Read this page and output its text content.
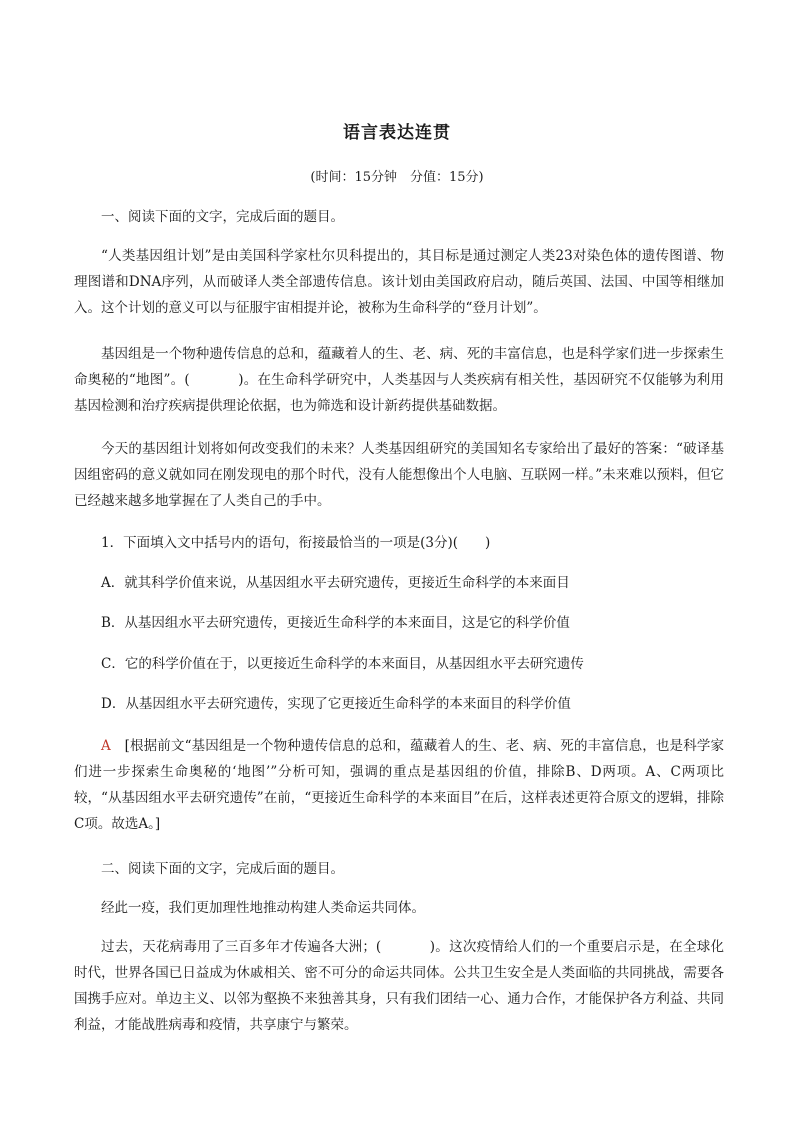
语言表达连贯
(时间：15分钟　分值：15分)
一、阅读下面的文字，完成后面的题目。
“人类基因组计划”是由美国科学家杜尔贝科提出的，其目标是通过测定人类23对染色体的遗传图谱、物理图谱和DNA序列，从而破译人类全部遗传信息。该计划由美国政府启动，随后英国、法国、中国等相继加入。这个计划的意义可以与征服宇宙相提并论，被称为生命科学的“登月计划”。
基因组是一个物种遗传信息的总和，蕴藏着人的生、老、病、死的丰富信息，也是科学家们进一步探索生命奥秘的“地图”。(	)。在生命科学研究中，人类基因与人类疾病有相关性，基因研究不仅能够为利用基因检测和治疗疾病提供理论依据，也为筛选和设计新药提供基础数据。
今天的基因组计划将如何改变我们的未来？人类基因组研究的美国知名专家给出了最好的答案：“破译基因组密码的意义就如同在刚发现电的那个时代，没有人能想像出个人电脑、互联网一样。”未来难以预料，但它已经越来越多地掌握在了人类自己的手中。
1．下面填入文中括号内的语句，衔接最恰当的一项是(3分)(　　)
A．就其科学价值来说，从基因组水平去研究遗传，更接近生命科学的本来面目
B．从基因组水平去研究遗传，更接近生命科学的本来面目，这是它的科学价值
C．它的科学价值在于，以更接近生命科学的本来面目，从基因组水平去研究遗传
D．从基因组水平去研究遗传，实现了它更接近生命科学的本来面目的科学价值
A　 [根据前文“基因组是一个物种遗传信息的总和，蕴藏着人的生、老、病、死的丰富信息，也是科学家们进一步探索生命奥秘的‘地图’”分析可知，强调的重点是基因组的价值，排除B、D两项。A、C两项比较，“从基因组水平去研究遗传”在前，“更接近生命科学的本来面目”在后，这样表述更符合原文的逻辑，排除C项。故选A。]
二、阅读下面的文字，完成后面的题目。
经此一疫，我们更加理性地推动构建人类命运共同体。
过去，天花病毒用了三百多年才传遍各大洲；(	)。这次疫情给人们的一个重要启示是，在全球化时代，世界各国已日益成为休戚相关、密不可分的命运共同体。公共卫生安全是人类面临的共同挑战，需要各国携手应对。单边主义、以邻为壑换不来独善其身，只有我们团结一心、通力合作，才能保护各方利益、共同利益，才能战胜病毒和疫情，共享康宁与繁荣。
